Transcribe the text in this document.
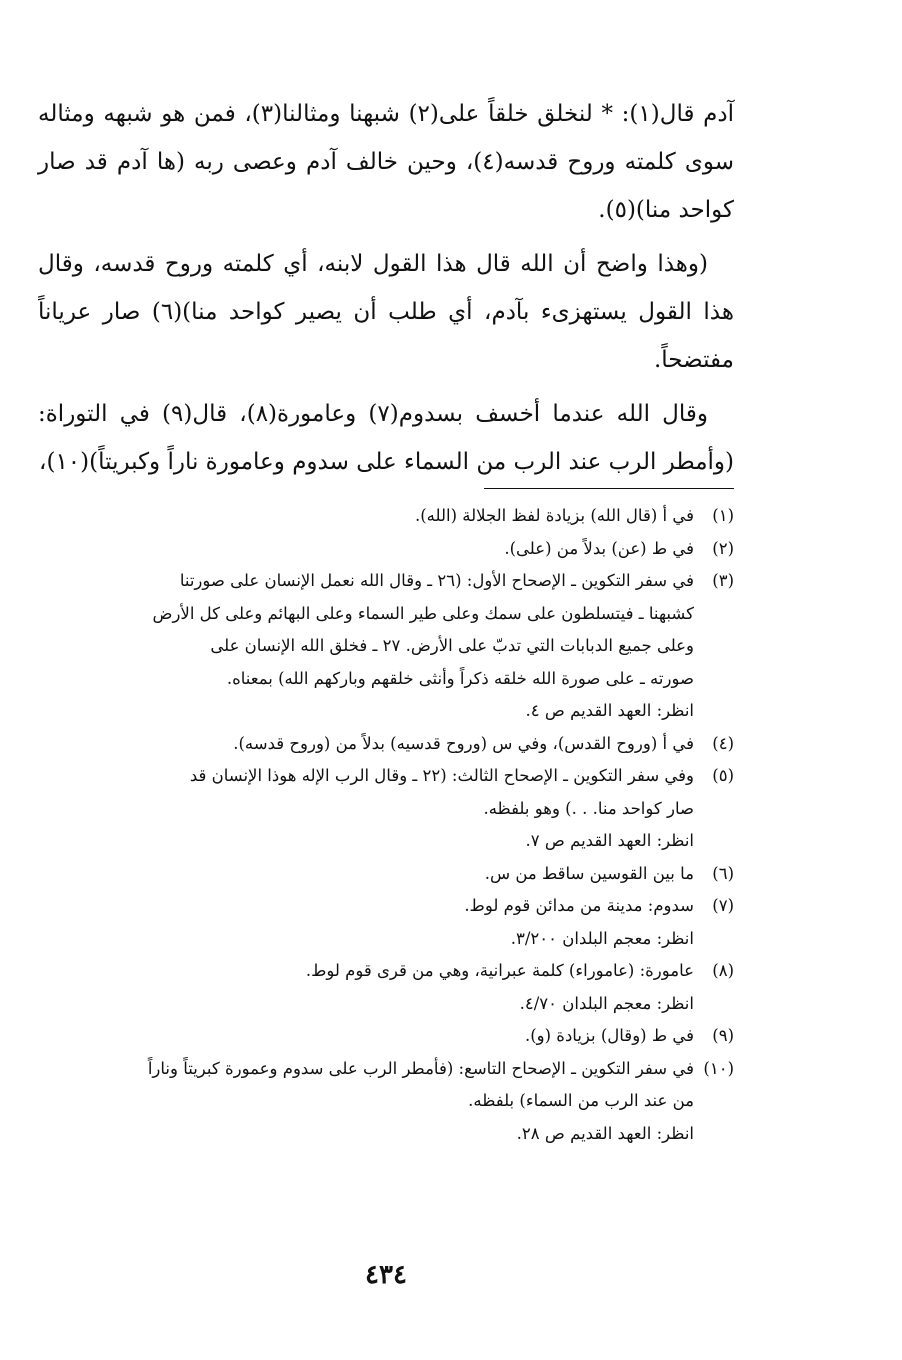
آدم قال(١): * لنخلق خلقاً على(٢) شبهنا ومثالنا(٣)، فمن هو شبهه ومثاله سوى كلمته وروح قدسه(٤)، وحين خالف آدم وعصى ربه (ها آدم قد صار كواحد منا)(٥).

(وهذا واضح أن الله قال هذا القول لابنه، أي كلمته وروح قدسه، وقال هذا القول يستهزىء بآدم، أي طلب أن يصير كواحد منا)(٦) صار عرياناً مفتضحاً.

وقال الله عندما أخسف بسدوم(٧) وعامورة(٨)، قال(٩) في التوراة: (وأمطر الرب عند الرب من السماء على سدوم وعامورة ناراً وكبريتاً)(١٠)،

(١)
في أ (قال الله) بزيادة لفظ الجلالة (الله).
(٢)
في ط (عن) بدلاً من (على).
(٣)
في سفر التكوين ـ الإصحاح الأول: (٢٦ ـ وقال الله نعمل الإنسان على صورتنا
كشبهنا ـ فيتسلطون على سمك وعلى طير السماء وعلى البهائم وعلى كل الأرض
وعلى جميع الدبابات التي تدبّ على الأرض. ٢٧ ـ فخلق الله الإنسان على
صورته ـ على صورة الله خلقه ذكراً وأنثى خلقهم وباركهم الله) بمعناه.
انظر: العهد القديم ص ٤.
(٤)
في أ (وروح القدس)، وفي س (وروح قدسيه) بدلاً من (وروح قدسه).
(٥)
وفي سفر التكوين ـ الإصحاح الثالث: (٢٢ ـ وقال الرب الإله هوذا الإنسان قد
صار كواحد منا. . .) وهو بلفظه.
انظر: العهد القديم ص ٧.
(٦)
ما بين القوسين ساقط من س.
(٧)
سدوم: مدينة من مدائن قوم لوط.
انظر: معجم البلدان ٣/٢٠٠.
(٨)
عامورة: (عاموراء) كلمة عبرانية، وهي من قرى قوم لوط.
انظر: معجم البلدان ٤/٧٠.
(٩)
في ط (وقال) بزيادة (و).
(١٠)
في سفر التكوين ـ الإصحاح التاسع: (فأمطر الرب على سدوم وعمورة كبريتاً وناراً
من عند الرب من السماء) بلفظه.
انظر: العهد القديم ص ٢٨.
٤٣٤
